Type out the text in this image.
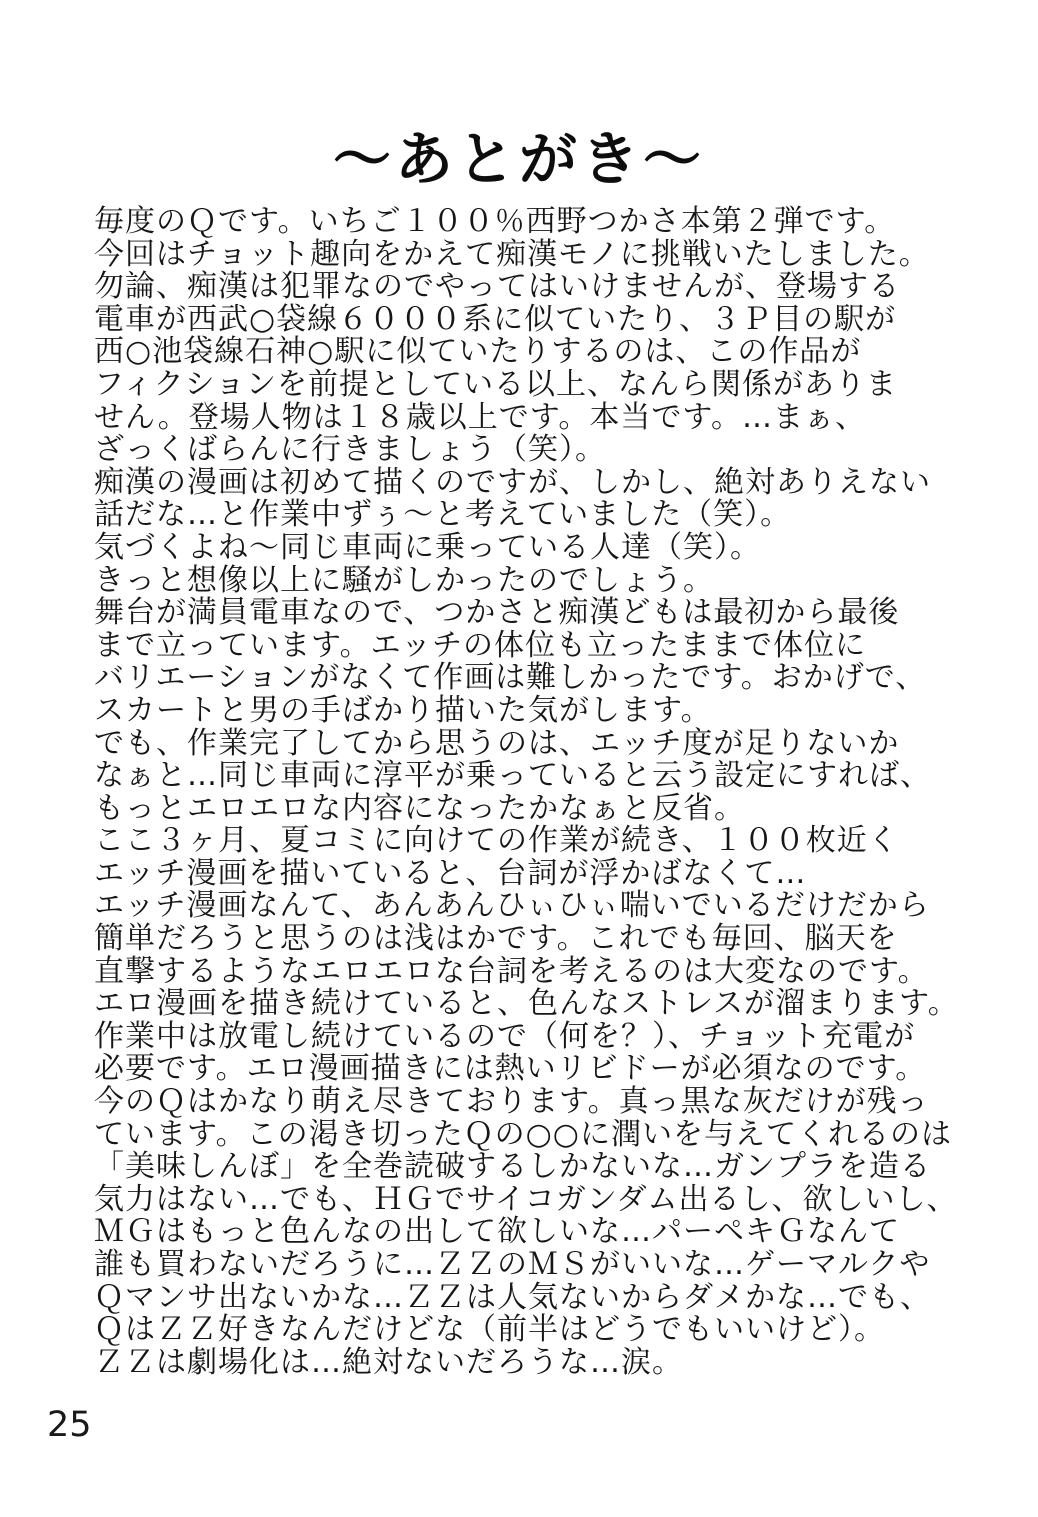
～あとがき～
毎度のＱです。いちご１００％西野つかさ本第２弾です。
今回はチョット趣向をかえて痴漢モノに挑戦いたしました。
勿論、痴漢は犯罪なのでやってはいけませんが、登場する
電車が西武○袋線６０００系に似ていたり、３Ｐ目の駅が
西○池袋線石神○駅に似ていたりするのは、この作品が
フィクションを前提としている以上、なんら関係がありま
せん。登場人物は１８歳以上です。本当です。…まぁ、
ざっくばらんに行きましょう（笑）。
痴漢の漫画は初めて描くのですが、しかし、絶対ありえない
話だな…と作業中ずぅ～と考えていました（笑）。
気づくよね～同じ車両に乗っている人達（笑）。
きっと想像以上に騒がしかったのでしょう。
舞台が満員電車なので、つかさと痴漢どもは最初から最後
まで立っています。エッチの体位も立ったままで体位に
バリエーションがなくて作画は難しかったです。おかげで、
スカートと男の手ばかり描いた気がします。
でも、作業完了してから思うのは、エッチ度が足りないか
なぁと…同じ車両に淳平が乗っていると云う設定にすれば、
もっとエロエロな内容になったかなぁと反省。
ここ３ヶ月、夏コミに向けての作業が続き、１００枚近く
エッチ漫画を描いていると、台詞が浮かばなくて…
エッチ漫画なんて、あんあんひぃひぃ喘いでいるだけだから
簡単だろうと思うのは浅はかです。これでも毎回、脳天を
直撃するようなエロエロな台詞を考えるのは大変なのです。
エロ漫画を描き続けていると、色んなストレスが溜まります。
作業中は放電し続けているので（何を？）、チョット充電が
必要です。エロ漫画描きには熱いリビドーが必須なのです。
今のＱはかなり萌え尽きております。真っ黒な灰だけが残っ
ています。この渇き切ったＱの○○に潤いを与えてくれるのは
「美味しんぼ」を全巻読破するしかないな…ガンプラを造る
気力はない…でも、ＨＧでサイコガンダム出るし、欲しいし、
ＭＧはもっと色んなの出して欲しいな…パーペキＧなんて
誰も買わないだろうに…ＺＺのＭＳがいいな…ゲーマルクや
Ｑマンサ出ないかな…ＺＺは人気ないからダメかな…でも、
ＱはＺＺ好きなんだけどな（前半はどうでもいいけど）。
ＺＺは劇場化は…絶対ないだろうな…涙。
25
